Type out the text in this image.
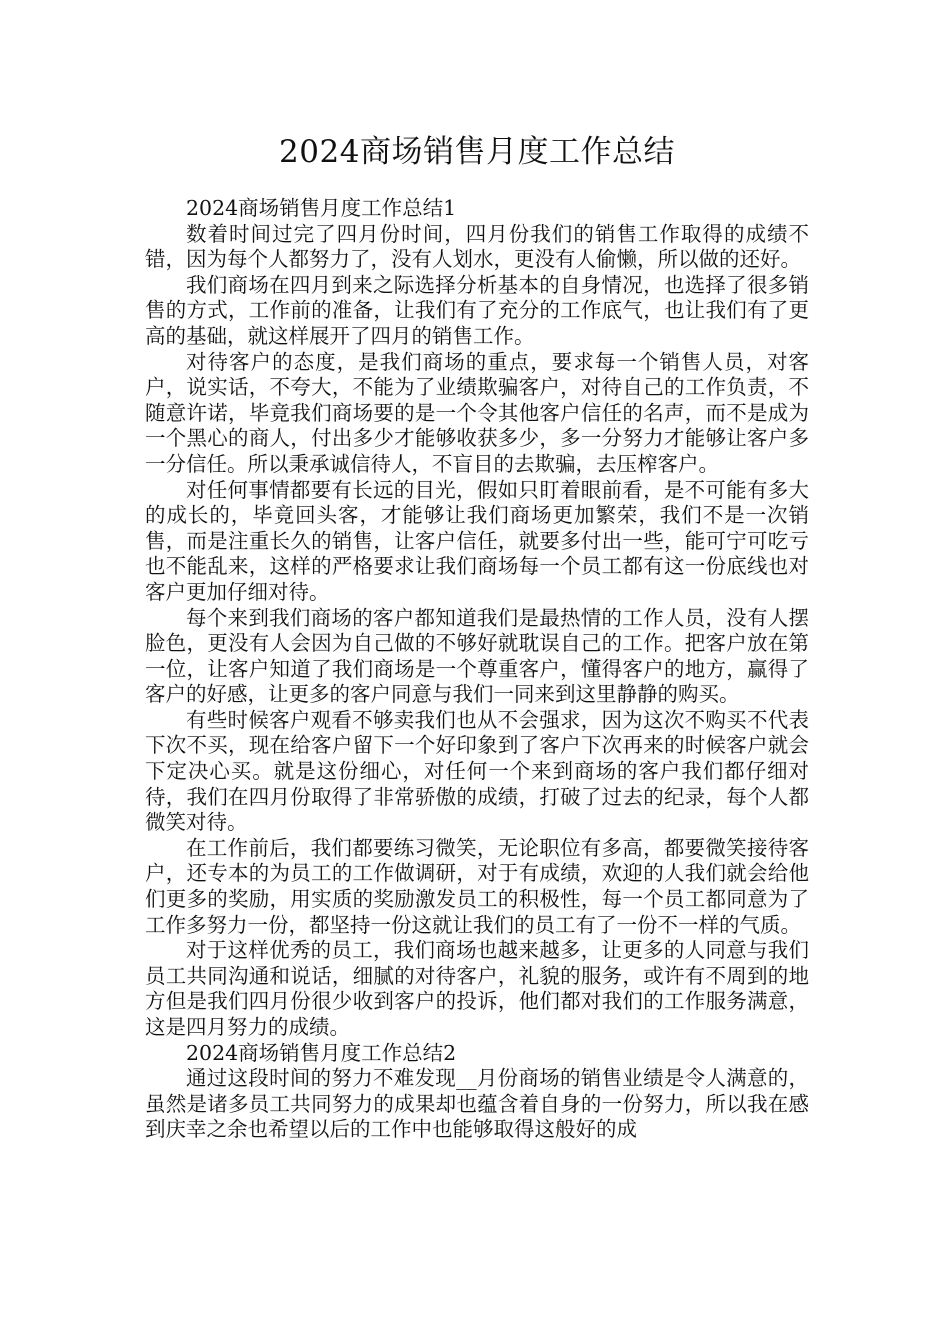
2024商场销售月度工作总结

2024商场销售月度工作总结1

数着时间过完了四月份时间，四月份我们的销售工作取得的成绩不错，因为每个人都努力了，没有人划水，更没有人偷懒，所以做的还好。

我们商场在四月到来之际选择分析基本的自身情况，也选择了很多销售的方式，工作前的准备，让我们有了充分的工作底气，也让我们有了更高的基础，就这样展开了四月的销售工作。

对待客户的态度，是我们商场的重点，要求每一个销售人员，对客户，说实话，不夸大，不能为了业绩欺骗客户，对待自己的工作负责，不随意许诺，毕竟我们商场要的是一个令其他客户信任的名声，而不是成为一个黑心的商人，付出多少才能够收获多少，多一分努力才能够让客户多一分信任。所以秉承诚信待人，不盲目的去欺骗，去压榨客户。

对任何事情都要有长远的目光，假如只盯着眼前看，是不可能有多大的成长的，毕竟回头客，才能够让我们商场更加繁荣，我们不是一次销售，而是注重长久的销售，让客户信任，就要多付出一些，能可宁可吃亏也不能乱来，这样的严格要求让我们商场每一个员工都有这一份底线也对客户更加仔细对待。

每个来到我们商场的客户都知道我们是最热情的工作人员，没有人摆脸色，更没有人会因为自己做的不够好就耽误自己的工作。把客户放在第一位，让客户知道了我们商场是一个尊重客户，懂得客户的地方，赢得了客户的好感，让更多的客户同意与我们一同来到这里静静的购买。

有些时候客户观看不够卖我们也从不会强求，因为这次不购买不代表下次不买，现在给客户留下一个好印象到了客户下次再来的时候客户就会下定决心买。就是这份细心，对任何一个来到商场的客户我们都仔细对待，我们在四月份取得了非常骄傲的成绩，打破了过去的纪录，每个人都微笑对待。

在工作前后，我们都要练习微笑，无论职位有多高，都要微笑接待客户，还专本的为员工的工作做调研，对于有成绩，欢迎的人我们就会给他们更多的奖励，用实质的奖励激发员工的积极性，每一个员工都同意为了工作多努力一份，都坚持一份这就让我们的员工有了一份不一样的气质。

对于这样优秀的员工，我们商场也越来越多，让更多的人同意与我们员工共同沟通和说话，细腻的对待客户，礼貌的服务，或许有不周到的地方但是我们四月份很少收到客户的投诉，他们都对我们的工作服务满意，这是四月努力的成绩。

2024商场销售月度工作总结2

通过这段时间的努力不难发现__月份商场的销售业绩是令人满意的，虽然是诸多员工共同努力的成果却也蕴含着自身的一份努力，所以我在感到庆幸之余也希望以后的工作中也能够取得这般好的成
